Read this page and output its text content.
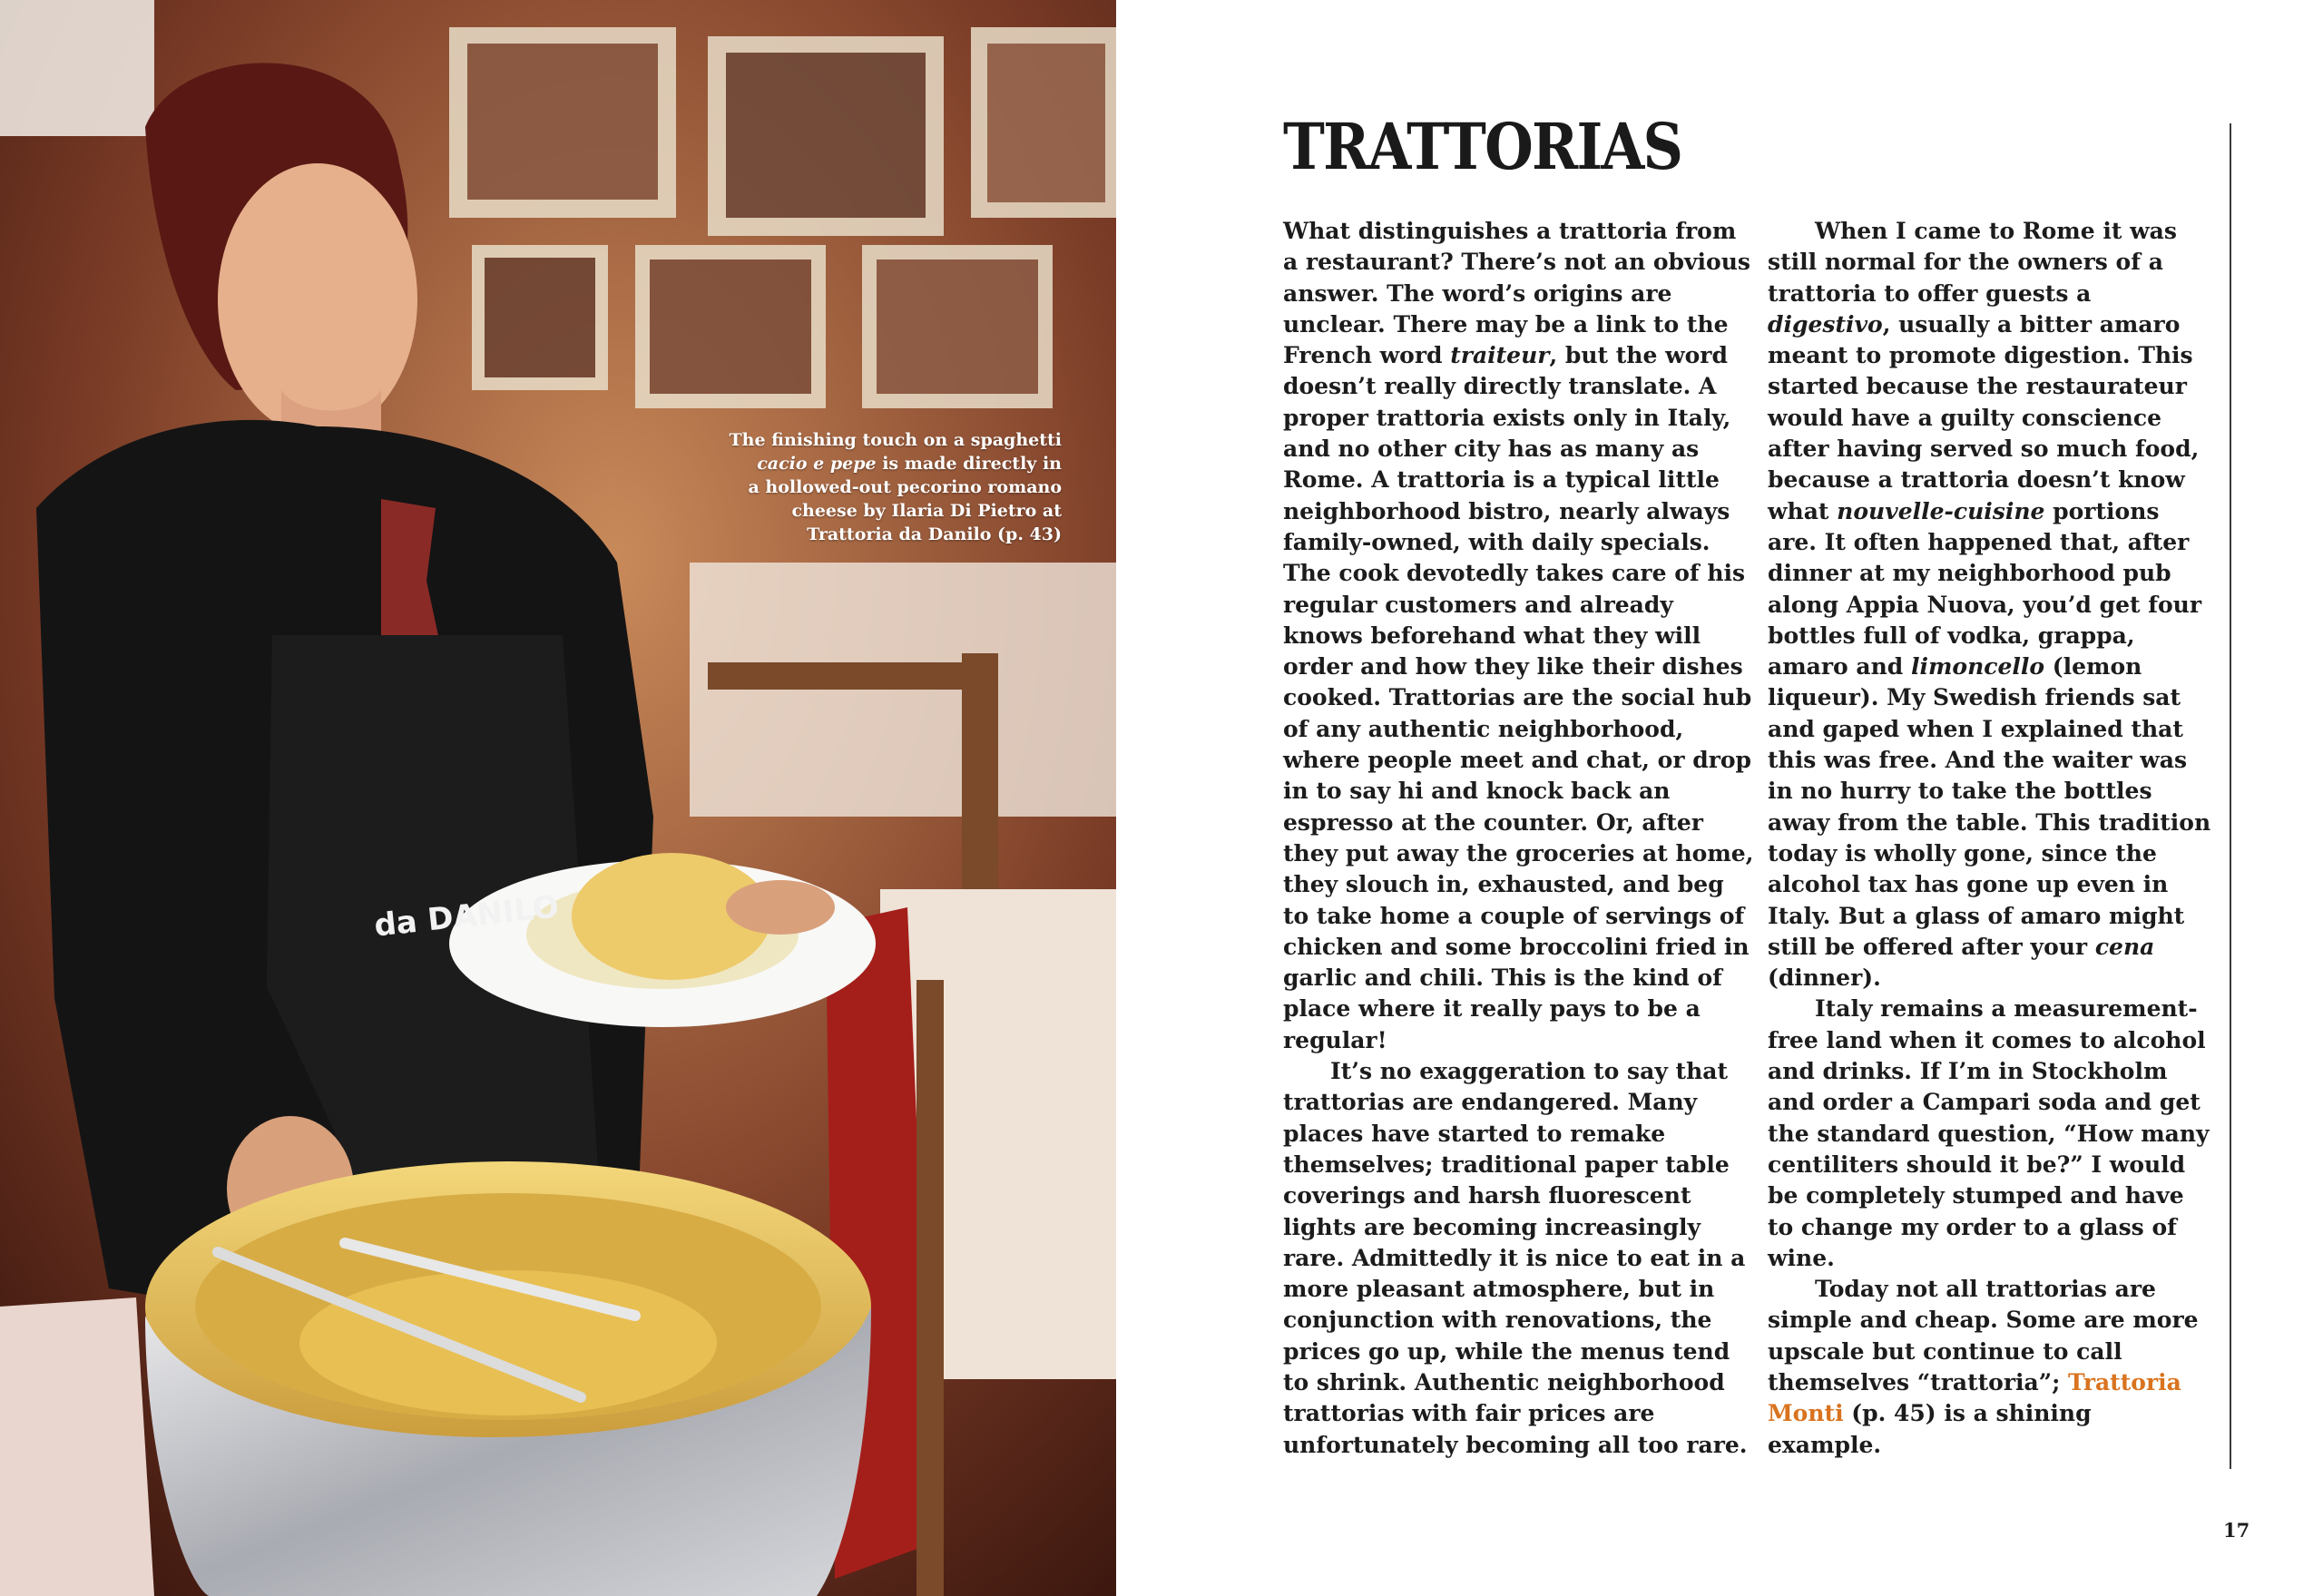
da DANILO

The finishing touch on a spaghetti

cacio e pepe is made directly in

a hollowed-out pecorino romano

cheese by Ilaria Di Pietro at

Trattoria da Danilo (p. 43)

TRATTORIAS

What distinguishes a trattoria from a restaurant? There’s not an obvious answer. The word’s origins are unclear. There may be a link to the French word traiteur, but the word doesn’t really directly translate. A proper trattoria exists only in Italy, and no other city has as many as Rome. A trattoria is a typical little neighborhood bistro, nearly always family-owned, with daily specials. The cook devotedly takes care of his regular customers and already knows beforehand what they will order and how they like their dishes cooked. Trattorias are the social hub of any authentic neighborhood, where people meet and chat, or drop in to say hi and knock back an espresso at the counter. Or, after they put away the groceries at home, they slouch in, exhausted, and beg to take home a couple of servings of chicken and some broccolini fried in garlic and chili. This is the kind of place where it really pays to be a regular!

It’s no exaggeration to say that trattorias are endangered. Many places have started to remake themselves; traditional paper table coverings and harsh fluorescent lights are becoming increasingly rare. Admittedly it is nice to eat in a more pleasant atmosphere, but in conjunction with renovations, the prices go up, while the menus tend to shrink. Authentic neighborhood trattorias with fair prices are unfortunately becoming all too rare.

When I came to Rome it was still normal for the owners of a trattoria to offer guests a digestivo, usually a bitter amaro meant to promote digestion. This started because the restaurateur would have a guilty conscience after having served so much food, because a trattoria doesn’t know what nouvelle-cuisine portions are. It often happened that, after dinner at my neighborhood pub along Appia Nuova, you’d get four bottles full of vodka, grappa, amaro and limoncello (lemon liqueur). My Swedish friends sat and gaped when I explained that this was free. And the waiter was in no hurry to take the bottles away from the table. This tradition today is wholly gone, since the alcohol tax has gone up even in Italy. But a glass of amaro might still be offered after your cena (dinner).

Italy remains a measurement-free land when it comes to alcohol and drinks. If I’m in Stockholm and order a Campari soda and get the standard question, “How many centiliters should it be?” I would be completely stumped and have to change my order to a glass of wine.

Today not all trattorias are simple and cheap. Some are more upscale but continue to call themselves “trattoria”; Trattoria Monti (p. 45) is a shining example.

17
